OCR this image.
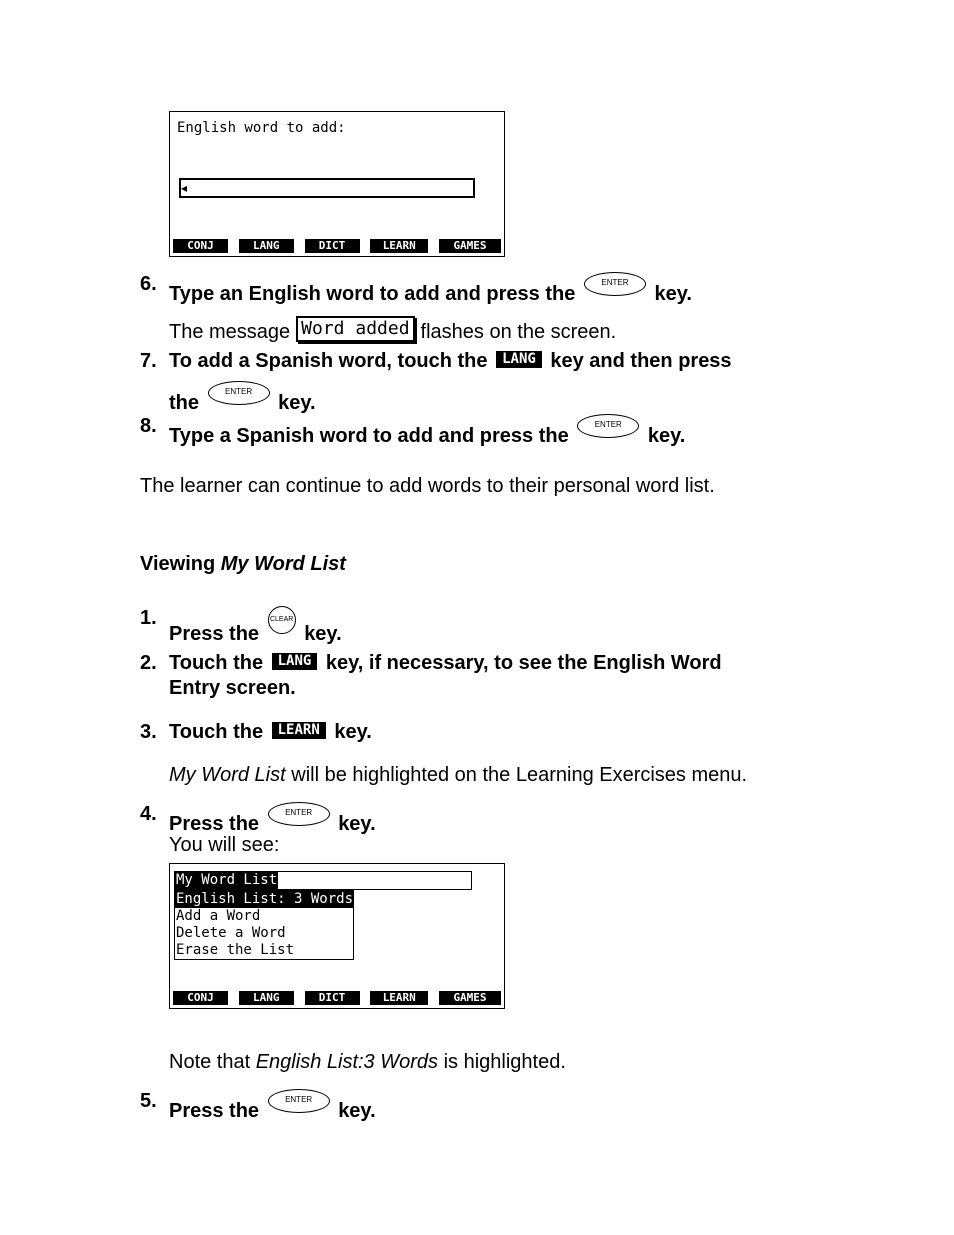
English word to add:
◂
CONJ	LANG	DICT	LEARN	GAMES
6. Type an English word to add and press the
ENTER
key.
The message Word added flashes on the screen.
7. To add a Spanish word, touch the LANG key and then press
the
ENTER
key.
8. Type a Spanish word to add and press the
ENTER
key.
The learner can continue to add words to their personal word list.
Viewing My Word List
1.
Press the
CLEAR
key.
2. Touch the LANG key, if necessary, to see the English Word
Entry screen.
3. Touch the LEARN key.
My Word List will be highlighted on the Learning Exercises menu.
4. Press the
ENTER
key.
You will see:
My Word List
English List: 3 Words
Add a Word
Delete a Word
Erase the List
CONJ	LANG	DICT	LEARN	GAMES
Note that English List:3 Words is highlighted.
5. Press the
ENTER
key.
